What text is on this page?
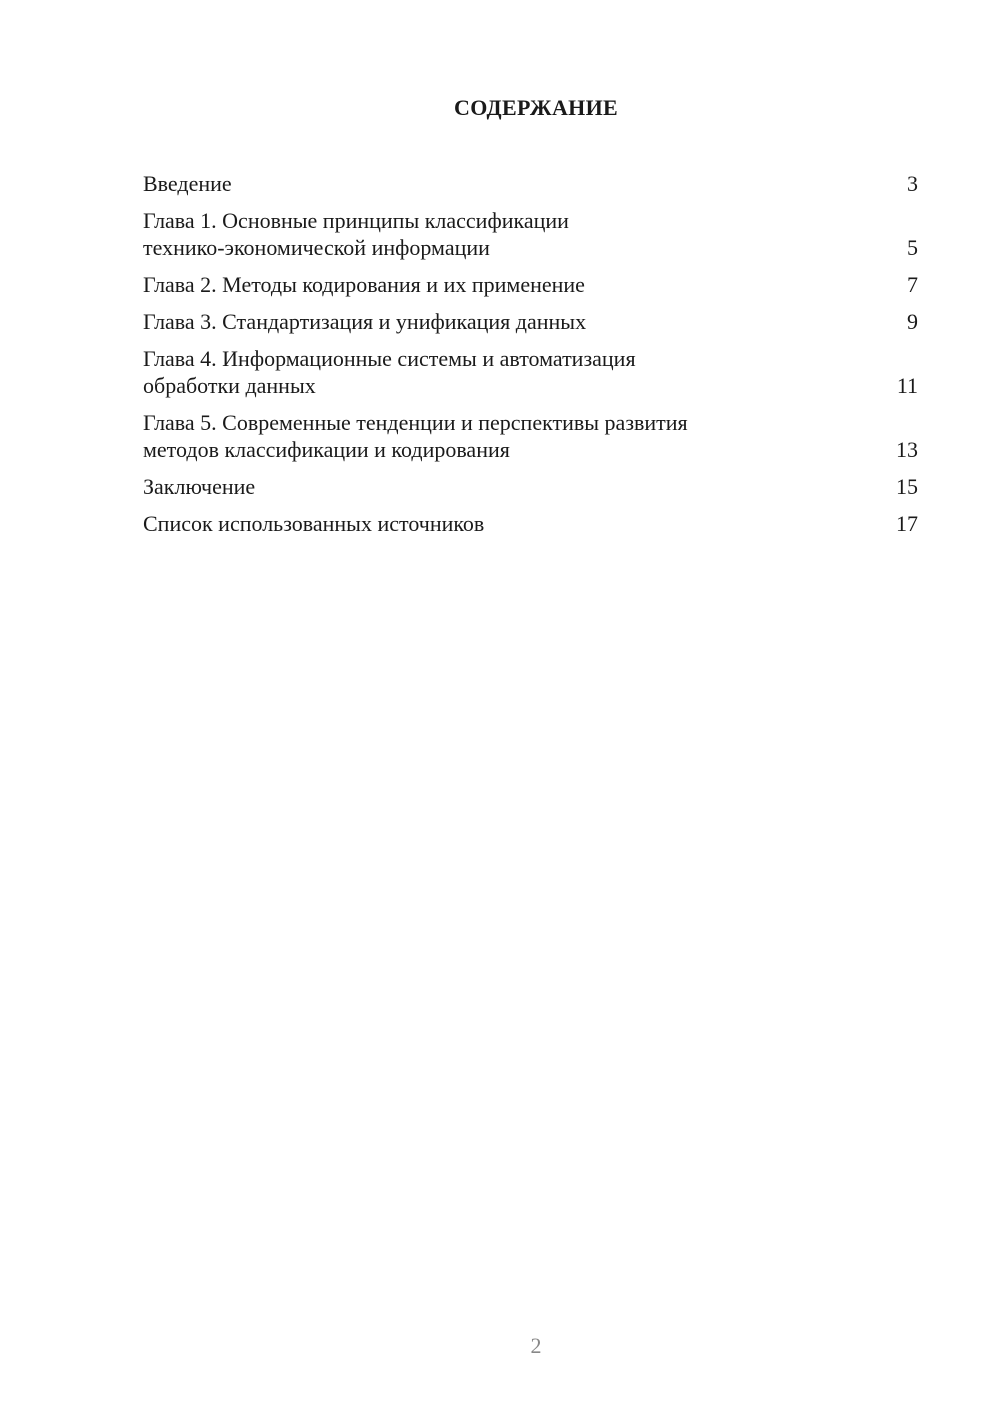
СОДЕРЖАНИЕ
Введение	3
Глава 1. Основные принципы классификации
технико-экономической информации	5
Глава 2. Методы кодирования и их применение	7
Глава 3. Стандартизация и унификация данных	9
Глава 4. Информационные системы и автоматизация
обработки данных	11
Глава 5. Современные тенденции и перспективы развития
методов классификации и кодирования	13
Заключение	15
Список использованных источников	17
2
